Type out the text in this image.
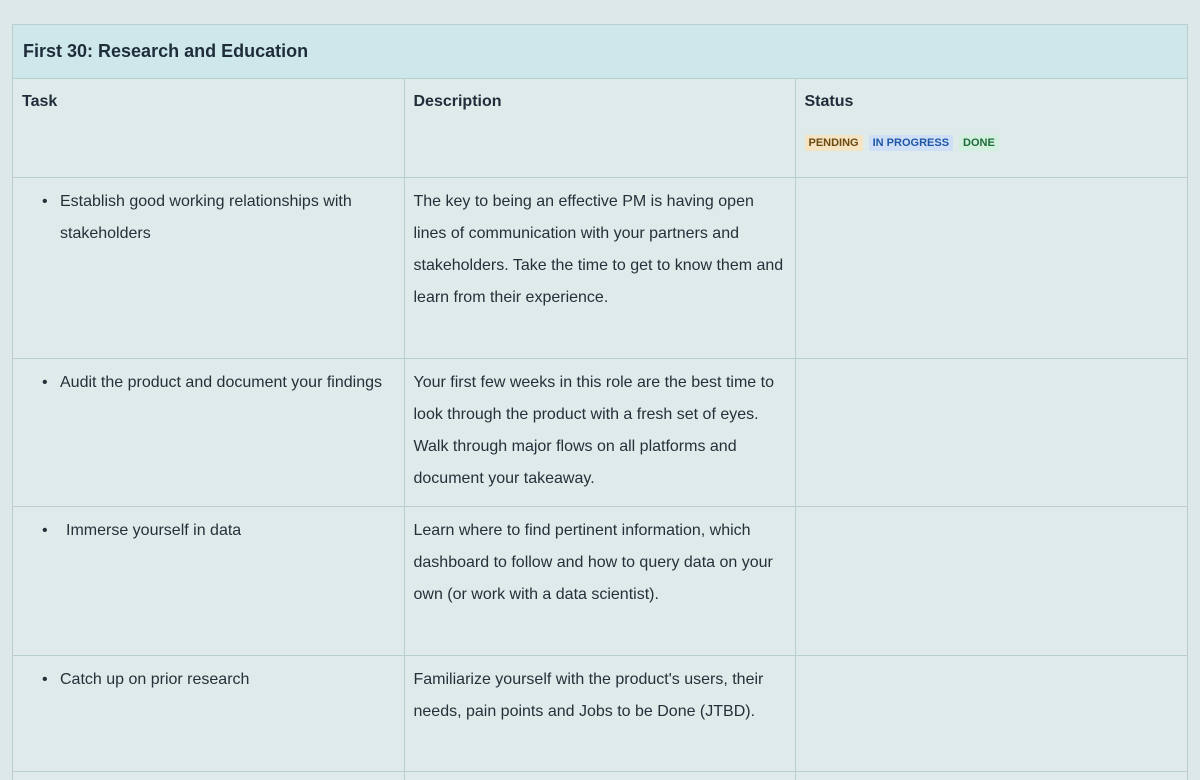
First 30: Research and Education
Task	Description	Status
PENDING IN PROGRESS DONE

• Establish good working relationships with stakeholders	The key to being an effective PM is having open lines of communication with your partners and stakeholders. Take the time to get to know them and learn from their experience.	

• Audit the product and document your findings	Your first few weeks in this role are the best time to look through the product with a fresh set of eyes. Walk through major flows on all platforms and document your takeaway.	

• Immerse yourself in data	Learn where to find pertinent information, which dashboard to follow and how to query data on your own (or work with a data scientist).	

• Catch up on prior research	Familiarize yourself with the product's users, their needs, pain points and Jobs to be Done (JTBD).	
